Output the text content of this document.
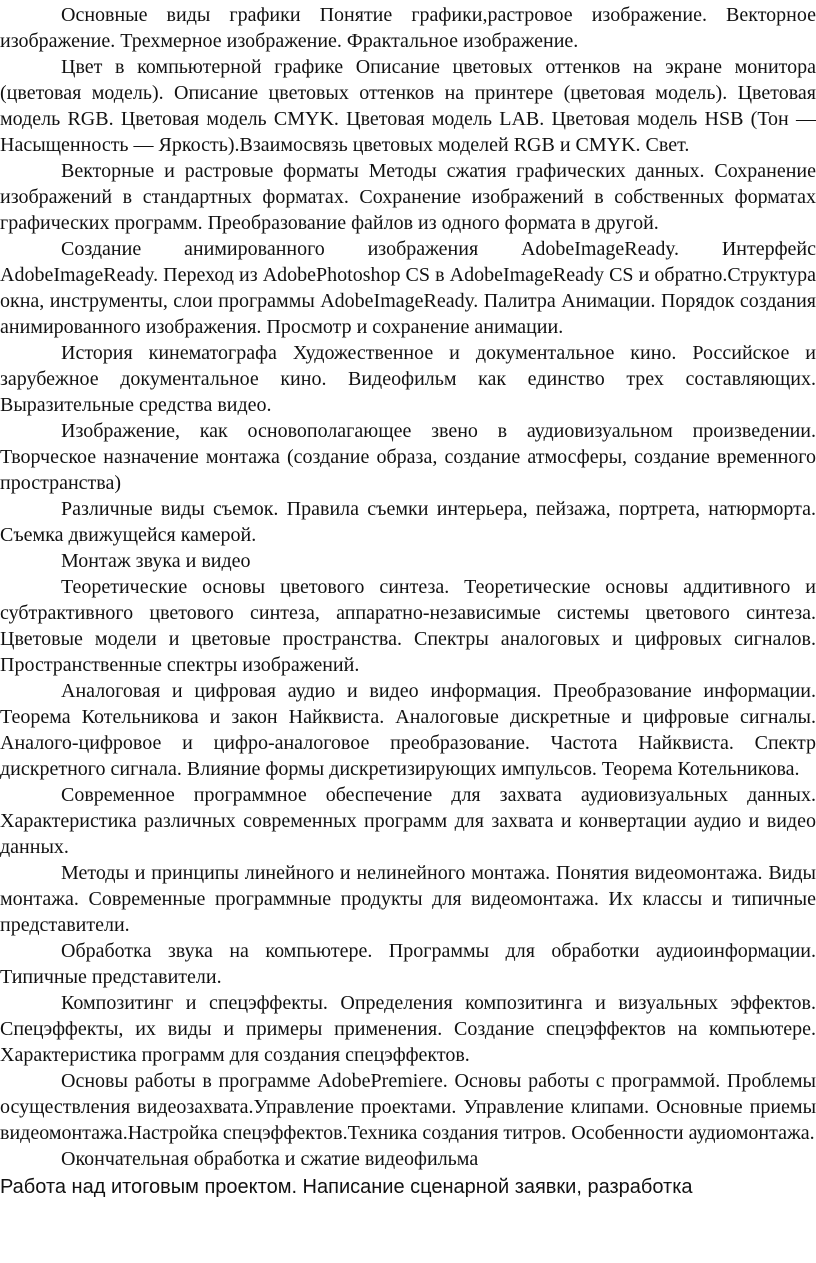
Основные виды графики Понятие графики,растровое изображение. Векторное изображение. Трехмерное изображение. Фрактальное изображение.

Цвет в компьютерной графике Описание цветовых оттенков на экране монитора (цветовая модель). Описание цветовых оттенков на принтере (цветовая модель). Цветовая модель RGB. Цветовая модель CMYK. Цветовая модель LAB. Цветовая модель HSB (Тон — Насыщенность — Яркость).Взаимосвязь цветовых моделей RGB и CMYK. Свет.

Векторные и растровые форматы Методы сжатия графических данных. Сохранение изображений в стандартных форматах. Сохранение изображений в собственных форматах графических программ. Преобразование файлов из одного формата в другой.

Создание анимированного изображения AdobeImageReady. Интерфейс AdobeImageReady. Переход из AdobePhotoshop CS в AdobeImageReady CS и обратно.Структура окна, инструменты, слои программы AdobeImageReady. Палитра Анимации. Порядок создания анимированного изображения. Просмотр и сохранение анимации.

История кинематографа Художественное и документальное кино. Российское и зарубежное документальное кино. Видеофильм как единство трех составляющих. Выразительные средства видео.

Изображение, как основополагающее звено в аудиовизуальном произведении. Творческое назначение монтажа (создание образа, создание атмосферы, создание временного пространства)

Различные виды съемок. Правила съемки интерьера, пейзажа, портрета, натюрморта. Съемка движущейся камерой.

Монтаж звука и видео

Теоретические основы цветового синтеза. Теоретические основы аддитивного и субтрактивного цветового синтеза, аппаратно-независимые системы цветового синтеза. Цветовые модели и цветовые пространства. Спектры аналоговых и цифровых сигналов. Пространственные спектры изображений.

Аналоговая и цифровая аудио и видео информация. Преобразование информации. Теорема Котельникова и закон Найквиста. Аналоговые дискретные и цифровые сигналы. Аналого-цифровое и цифро-аналоговое преобразование. Частота Найквиста. Спектр дискретного сигнала. Влияние формы дискретизирующих импульсов. Теорема Котельникова.

Современное программное обеспечение для захвата аудиовизуальных данных. Характеристика различных современных программ для захвата и конвертации аудио и видео данных.

Методы и принципы линейного и нелинейного монтажа. Понятия видеомонтажа. Виды монтажа. Современные программные продукты для видеомонтажа. Их классы и типичные представители.

Обработка звука на компьютере. Программы для обработки аудиоинформации. Типичные представители.

Композитинг и спецэффекты. Определения композитинга и визуальных эффектов. Спецэффекты, их виды и примеры применения. Создание спецэффектов на компьютере. Характеристика программ для создания спецэффектов.

Основы работы в программе AdobePremiere. Основы работы с программой. Проблемы осуществления видеозахвата.Управление проектами. Управление клипами. Основные приемы видеомонтажа.Настройка спецэффектов.Техника создания титров. Особенности аудиомонтажа.

Окончательная обработка и сжатие видеофильма

Работа над итоговым проектом. Написание сценарной заявки, разработка
